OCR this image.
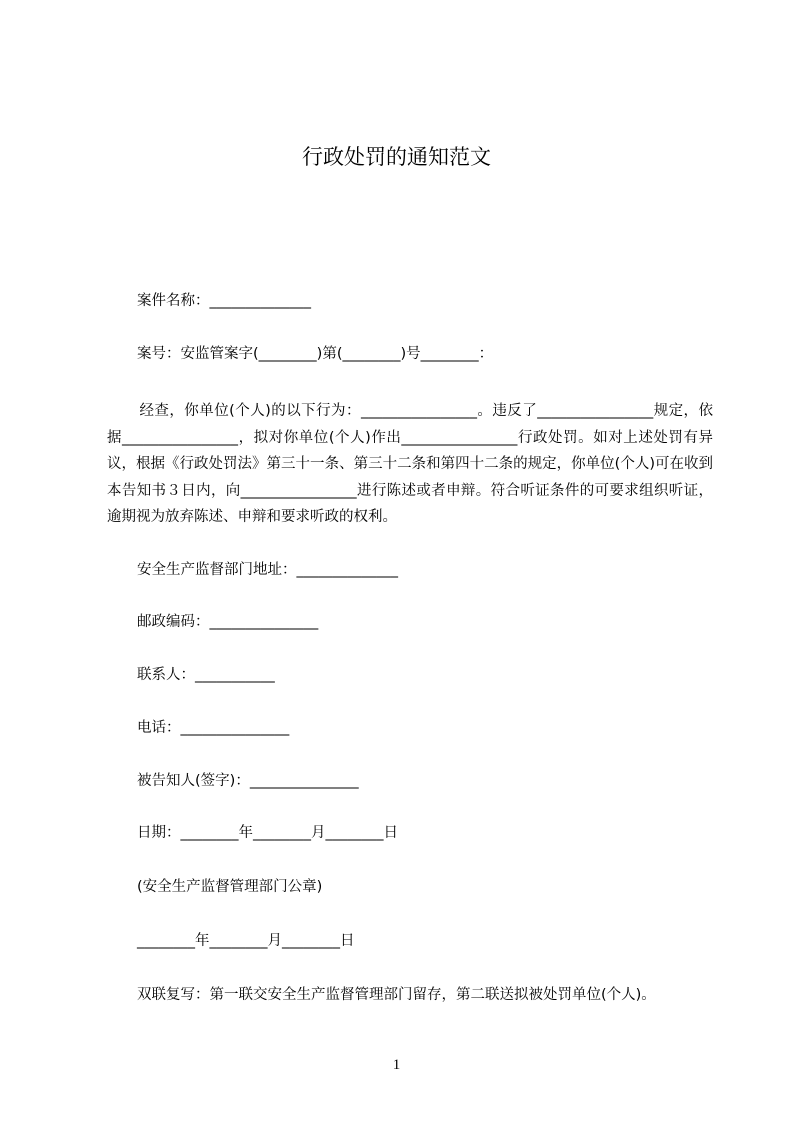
行政处罚的通知范文
案件名称：______________
案号：安监管案字(________)第(________)号________：

经查，你单位(个人)的以下行为：________________。违反了________________规定，依据________________，拟对你单位(个人)作出________________行政处罚。如对上述处罚有异议，根据《行政处罚法》第三十一条、第三十二条和第四十二条的规定，你单位(个人)可在收到本告知书３日内，向________________进行陈述或者申辩。符合听证条件的可要求组织听证，逾期视为放弃陈述、申辩和要求听政的权利。

安全生产监督部门地址：______________
邮政编码：_______________
联系人：___________
电话：_______________
被告知人(签字)：_______________
日期：________年________月________日
(安全生产监督管理部门公章)
________年________月________日
双联复写：第一联交安全生产监督管理部门留存，第二联送拟被处罚单位(个人)。
1
